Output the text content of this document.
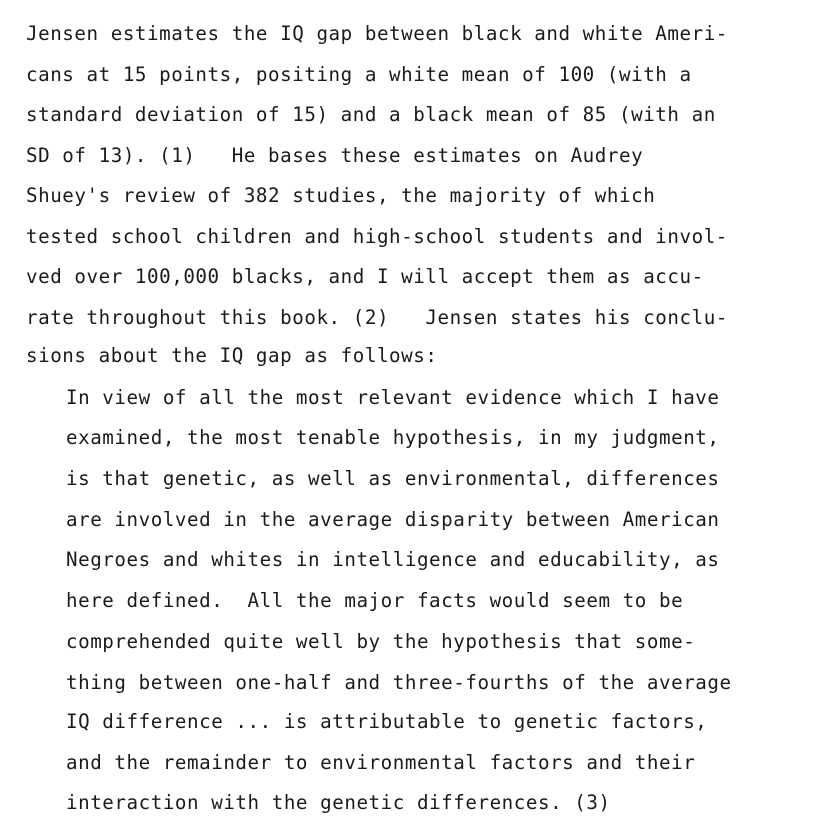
Jensen estimates the IQ gap between black and white Ameri-
cans at 15 points, positing a white mean of 100 (with a
standard deviation of 15) and a black mean of 85 (with an
SD of 13). (1)   He bases these estimates on Audrey
Shuey's review of 382 studies, the majority of which
tested school children and high-school students and invol-
ved over 100,000 blacks, and I will accept them as accu-
rate throughout this book. (2)   Jensen states his conclu-
sions about the IQ gap as follows:
In view of all the most relevant evidence which I have
examined, the most tenable hypothesis, in my judgment,
is that genetic, as well as environmental, differences
are involved in the average disparity between American
Negroes and whites in intelligence and educability, as
here defined.  All the major facts would seem to be
comprehended quite well by the hypothesis that some-
thing between one-half and three-fourths of the average
IQ difference ... is attributable to genetic factors,
and the remainder to environmental factors and their
interaction with the genetic differences. (3)
